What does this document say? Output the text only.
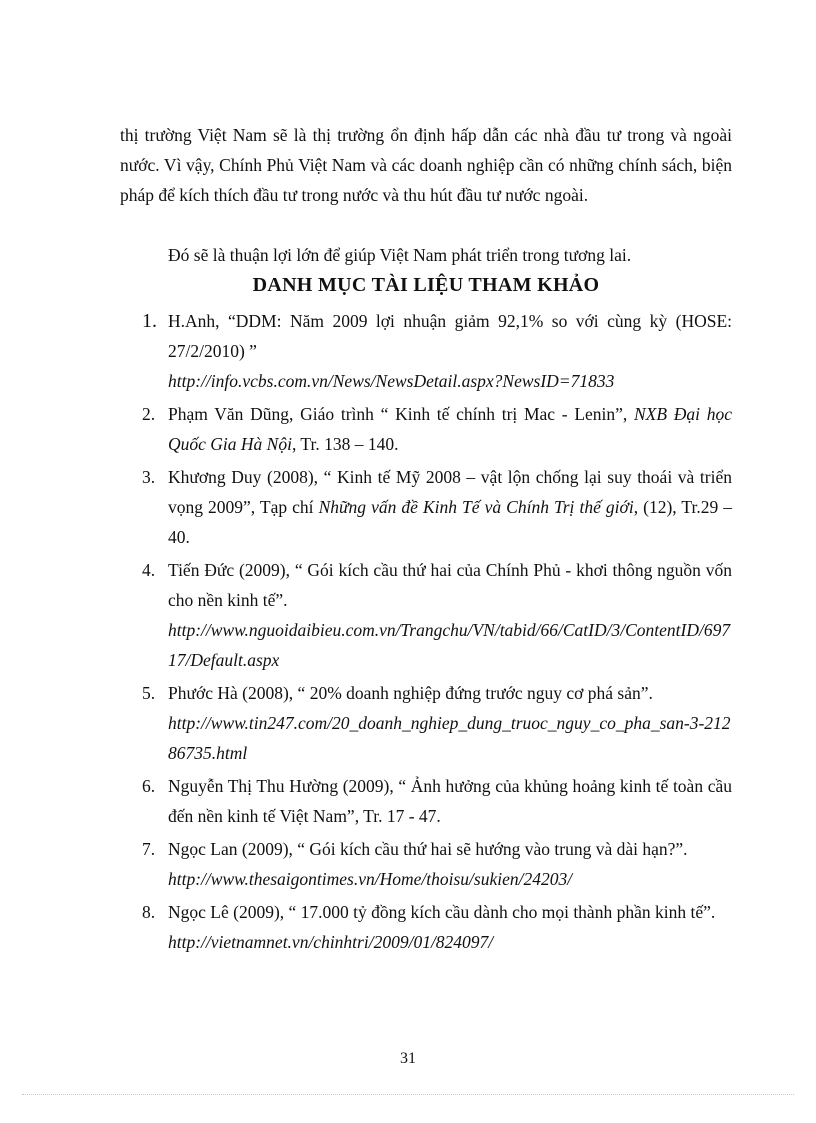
thị trường Việt Nam sẽ là thị trường ổn định hấp dẫn các nhà đầu tư trong và ngoài nước. Vì vậy, Chính Phủ Việt Nam và các doanh nghiệp cần có những chính sách, biện pháp để kích thích đầu tư trong nước và thu hút đầu tư nước ngoài.

Đó sẽ là thuận lợi lớn để giúp Việt Nam phát triển trong tương lai.

DANH MỤC TÀI LIỆU THAM KHẢO
1. H.Anh, “DDM: Năm 2009 lợi nhuận giảm 92,1% so với cùng kỳ (HOSE: 27/2/2010) ”
http://info.vcbs.com.vn/News/NewsDetail.aspx?NewsID=71833
2. Phạm Văn Dũng, Giáo trình “ Kinh tế chính trị Mac - Lenin”, NXB Đại học Quốc Gia Hà Nội, Tr. 138 – 140.
3. Khương Duy (2008), “ Kinh tế Mỹ 2008 – vật lộn chống lại suy thoái và triển vọng 2009”, Tạp chí Những vấn đề Kinh Tế và Chính Trị thế giới, (12), Tr.29 – 40.
4. Tiến Đức (2009), “ Gói kích cầu thứ hai của Chính Phủ - khơi thông nguồn vốn cho nền kinh tế”.
http://www.nguoidaibieu.com.vn/Trangchu/VN/tabid/66/CatID/3/ContentID/69717/Default.aspx
5. Phước Hà (2008), “ 20% doanh nghiệp đứng trước nguy cơ phá sản”.
http://www.tin247.com/20_doanh_nghiep_dung_truoc_nguy_co_pha_san-3-21286735.html
6. Nguyễn Thị Thu Hường (2009), “ Ảnh hưởng của khủng hoảng kinh tế toàn cầu đến nền kinh tế Việt Nam”, Tr. 17 - 47.
7. Ngọc Lan (2009), “ Gói kích cầu thứ hai sẽ hướng vào trung và dài hạn?”.
http://www.thesaigontimes.vn/Home/thoisu/sukien/24203/
8. Ngọc Lê (2009), “ 17.000 tỷ đồng kích cầu dành cho mọi thành phần kinh tế”.
http://vietnamnet.vn/chinhtri/2009/01/824097/
31
